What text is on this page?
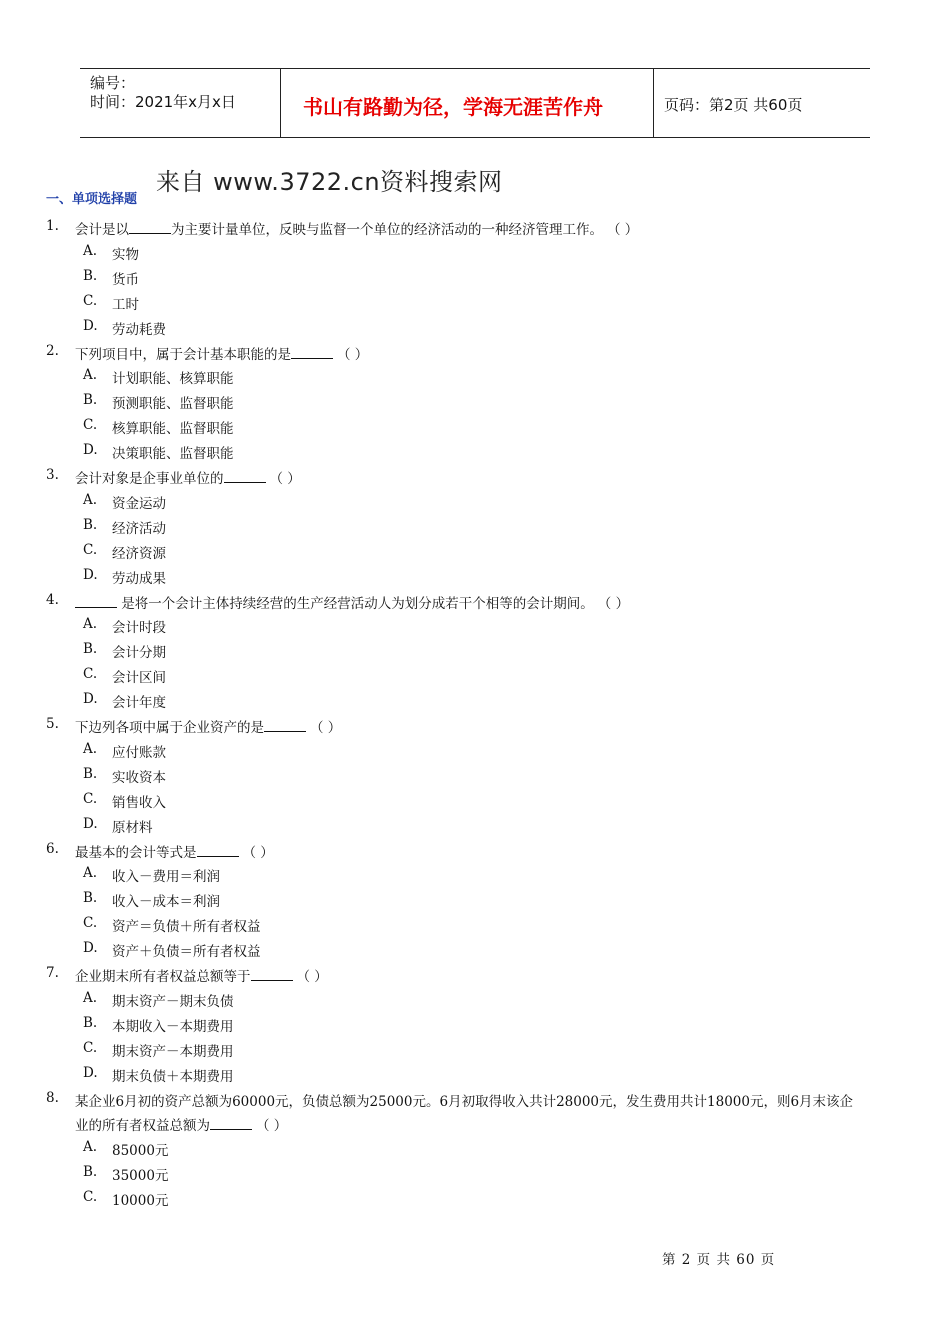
编号：
时间：2021年x月x日	书山有路勤为径，学海无涯苦作舟	页码：第2页 共60页
来自 www.3722.cn资料搜索网
一、单项选择题
1. 会计是以	为主要计量单位，反映与监督一个单位的经济活动的一种经济管理工作。 （ ）
A. 实物
B. 货币
C. 工时
D. 劳动耗费
2. 下列项目中，属于会计基本职能的是	（ ）
A. 计划职能、核算职能
B. 预测职能、监督职能
C. 核算职能、监督职能
D. 决策职能、监督职能
3. 会计对象是企事业单位的	（ ）
A. 资金运动
B. 经济活动
C. 经济资源
D. 劳动成果
4.	是将一个会计主体持续经营的生产经营活动人为划分成若干个相等的会计期间。 （ ）
A. 会计时段
B. 会计分期
C. 会计区间
D. 会计年度
5. 下边列各项中属于企业资产的是	（ ）
A. 应付账款
B. 实收资本
C. 销售收入
D. 原材料
6. 最基本的会计等式是	（ ）
A. 收入－费用＝利润
B. 收入－成本＝利润
C. 资产＝负债＋所有者权益
D. 资产＋负债＝所有者权益
7. 企业期末所有者权益总额等于	（ ）
A. 期末资产－期末负债
B. 本期收入－本期费用
C. 期末资产－本期费用
D. 期末负债＋本期费用
8. 某企业6月初的资产总额为60000元，负债总额为25000元。6月初取得收入共计28000元，发生费用共计18000元，则6月末该企
业的所有者权益总额为	（ ）
A. 85000元
B. 35000元
C. 10000元
第 2 页 共 60 页
